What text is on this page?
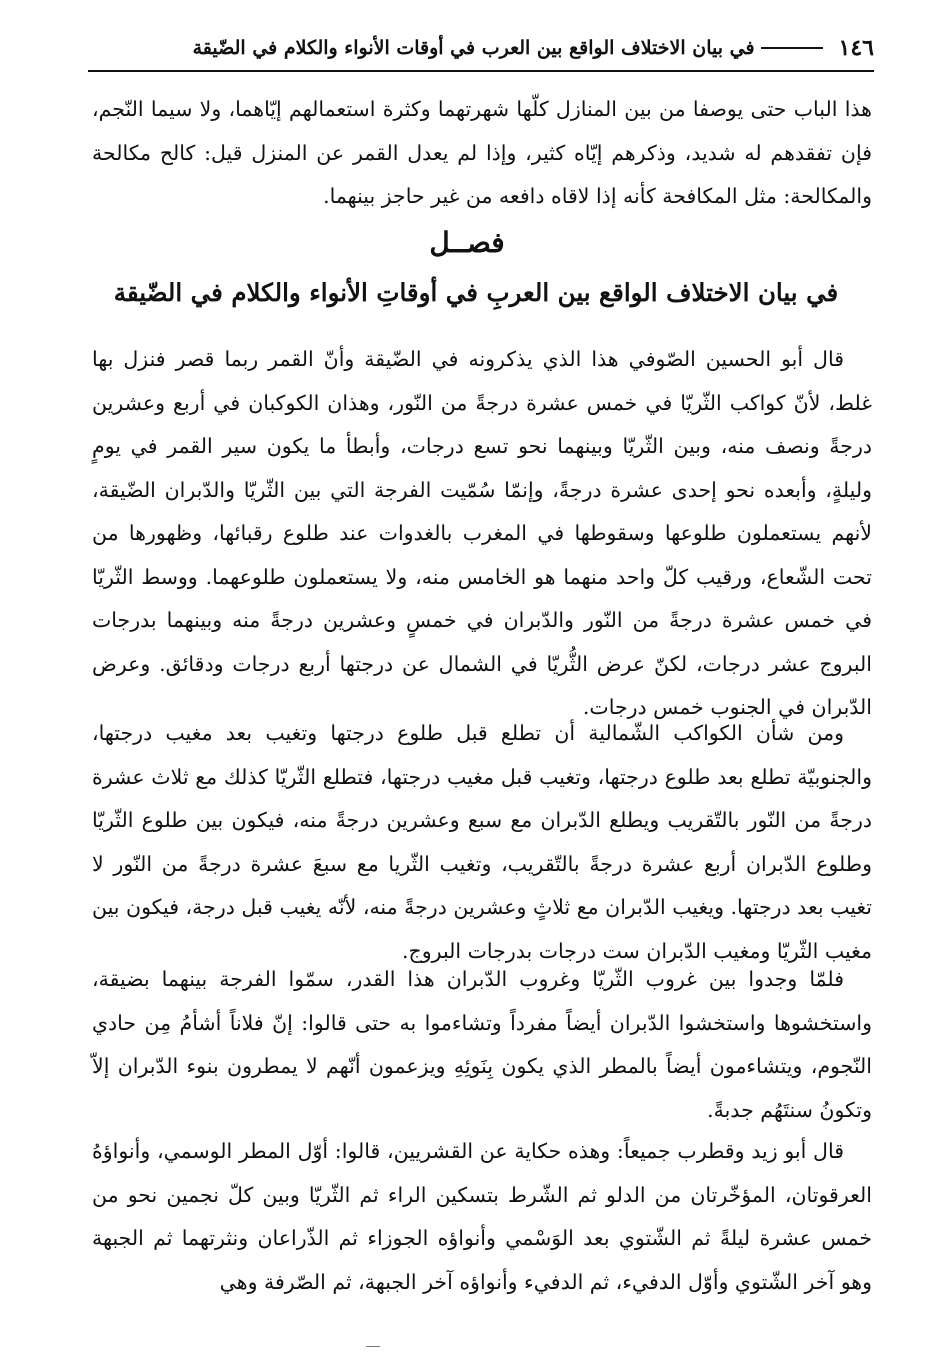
١٤٦
في بيان الاختلاف الواقع بين العرب في أوقات الأنواء والكلام في الضّيقة

هذا الباب حتى يوصفا من بين المنازل كلّها شهرتهما وكثرة استعمالهم إيّاهما، ولا سيما النّجم، فإن تفقدهم له شديد، وذكرهم إيّاه كثير، وإذا لم يعدل القمر عن المنزل قيل: كالح مكالحة والمكالحة: مثل المكافحة كأنه إذا لاقاه دافعه من غير حاجز بينهما.

فصــل
في بيان الاختلاف الواقع بين العربِ في أوقاتِ الأنواء والكلام في الضّيقة

قال أبو الحسين الصّوفي هذا الذي يذكرونه في الضّيقة وأنّ القمر ربما قصر فنزل بها غلط، لأنّ كواكب الثّريّا في خمس عشرة درجةً من النّور، وهذان الكوكبان في أربع وعشرين درجةً ونصف منه، وبين الثّريّا وبينهما نحو تسع درجات، وأبطأ ما يكون سير القمر في يومٍ وليلةٍ، وأبعده نحو إحدى عشرة درجةً، وإنمّا سُمّيت الفرجة التي بين الثّريّا والدّبران الضّيقة، لأنهم يستعملون طلوعها وسقوطها في المغرب بالغدوات عند طلوع رقبائها، وظهورها من تحت الشّعاع، ورقيب كلّ واحد منهما هو الخامس منه، ولا يستعملون طلوعهما. ووسط الثّريّا في خمس عشرة درجةً من النّور والدّبران في خمسٍ وعشرين درجةً منه وبينهما بدرجات البروج عشر درجات، لكنّ عرض الثُّريّا في الشمال عن درجتها أربع درجات ودقائق. وعرض الدّبران في الجنوب خمس درجات.

ومن شأن الكواكب الشّمالية أن تطلع قبل طلوع درجتها وتغيب بعد مغيب درجتها، والجنوبيّة تطلع بعد طلوع درجتها، وتغيب قبل مغيب درجتها، فتطلع الثّريّا كذلك مع ثلاث عشرة درجةً من النّور بالتّقريب ويطلع الدّبران مع سبع وعشرين درجةً منه، فيكون بين طلوع الثّريّا وطلوع الدّبران أربع عشرة درجةً بالتّقريب، وتغيب الثّريا مع سبعَ عشرة درجةً من النّور لا تغيب بعد درجتها. ويغيب الدّبران مع ثلاثٍ وعشرين درجةً منه، لأنّه يغيب قبل درجة، فيكون بين مغيب الثّريّا ومغيب الدّبران ست درجات بدرجات البروج.

فلمّا وجدوا بين غروب الثّريّا وغروب الدّبران هذا القدر، سمّوا الفرجة بينهما بضيقة، واستخشوها واستخشوا الدّبران أيضاً مفرداً وتشاءموا به حتى قالوا: إنّ فلاناً أشأمُ مِن حادي النّجوم، ويتشاءمون أيضاً بالمطر الذي يكون بِنَوئِهِ ويزعمون أنّهم لا يمطرون بنوء الدّبران إلاّ وتكونُ سنتَهُم جدبةً.

قال أبو زيد وقطرب جميعاً: وهذه حكاية عن القشريين، قالوا: أوّل المطر الوسمي، وأنواؤهُ العرقوتان، المؤخّرتان من الدلو ثم الشّرط بتسكين الراء ثم الثّريّا وبين كلّ نجمين نحو من خمس عشرة ليلةً ثم الشّتوي بعد الوَسْمي وأنواؤه الجوزاء ثم الذّراعان ونثرتهما ثم الجبهة وهو آخر الشّتوي وأوّل الدفيء، ثم الدفيء وأنواؤه آخر الجبهة، ثم الصّرفة وهي
